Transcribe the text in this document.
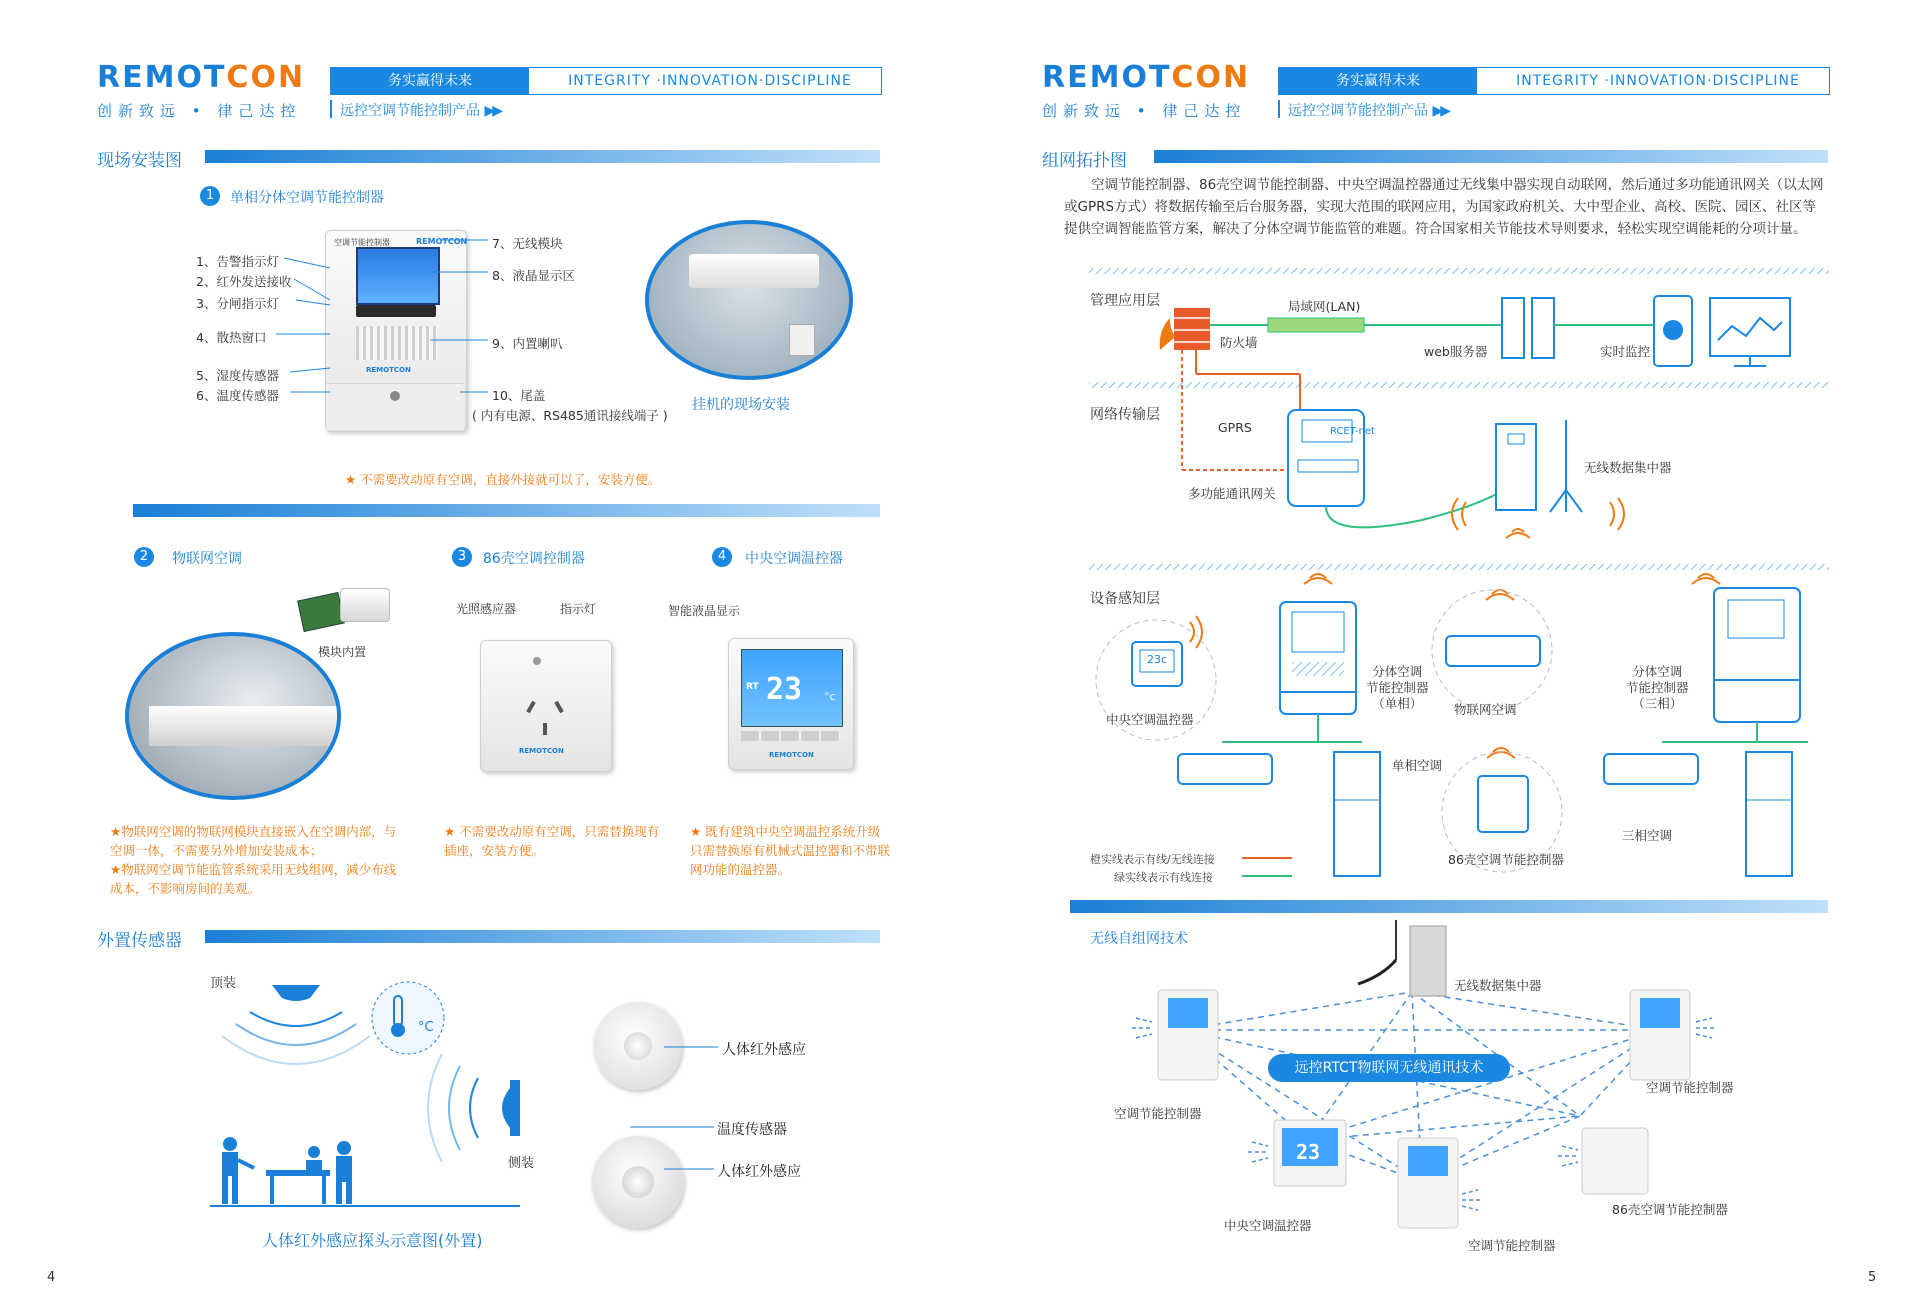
REMOTCON
创新致远 • 律己达控
务实赢得未来	INTEGRITY ·INNOVATION·DISCIPLINE
远控空调节能控制产品 ▶▶
现场安装图
1	单相分体空调节能控制器
空调节能控制器	REMOTCON
REMOTCON
1、告警指示灯
2、红外发送接收
3、分闸指示灯
4、散热窗口
5、湿度传感器
6、温度传感器
7、无线模块
8、液晶显示区
9、内置喇叭
10、尾盖
( 内有电源、RS485通讯接线端子 )
挂机的现场安装
★ 不需要改动原有空调，直接外接就可以了，安装方便。
2	物联网空调	3	86壳空调控制器	4	中央空调温控器
模块内置
★物联网空调的物联网模块直接嵌入在空调内部，与空调一体，不需要另外增加安装成本；
★物联网空调节能监管系统采用无线组网，减少布线成本，不影响房间的美观。
光照感应器	指示灯
REMOTCON
★ 不需要改动原有空调，只需替换现有插座，安装方便。
智能液晶显示
RT 23 °c
REMOTCON
★ 既有建筑中央空调温控系统升级只需替换原有机械式温控器和不带联网功能的温控器。
外置传感器
顶装
°C
侧装
人体红外感应
温度传感器
人体红外感应
人体红外感应探头示意图(外置)
4
REMOTCON
创新致远 • 律己达控
务实赢得未来	INTEGRITY ·INNOVATION·DISCIPLINE
远控空调节能控制产品 ▶▶
组网拓扑图
空调节能控制器、86壳空调节能控制器、中央空调温控器通过无线集中器实现自动联网，然后通过多功能通讯网关（以太网或GPRS方式）将数据传输至后台服务器，实现大范围的联网应用，为国家政府机关、大中型企业、高校、医院、园区、社区等提供空调智能监管方案，解决了分体空调节能监管的难题。符合国家相关节能技术导则要求，轻松实现空调能耗的分项计量。
管理应用层
防火墙
局域网(LAN)
web服务器	实时监控
RCET-net
网络传输层
GPRS
多功能通讯网关
无线数据集中器
设备感知层
23c
中央空调温控器
分体空调
节能控制器
（单相）	物联网空调
分体空调
节能控制器
（三相）
单相空调
三相空调
86壳空调节能控制器
橙实线表示有线/无线连接
绿实线表示有线连接
无线自组网技术
远控RTCT物联网无线通讯技术
无线数据集中器
空调节能控制器
空调节能控制器
23
中央空调温控器
空调节能控制器
86壳空调节能控制器
5
